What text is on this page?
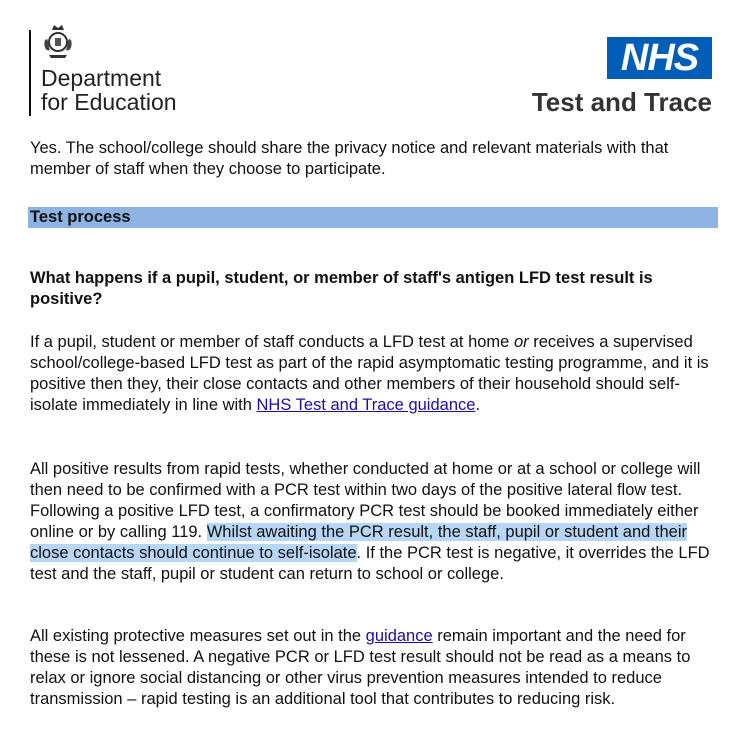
Department
for Education
NHS
Test and Trace

Yes. The school/college should share the privacy notice and relevant materials with that member of staff when they choose to participate.

Test process

What happens if a pupil, student, or member of staff's antigen LFD test result is positive?

If a pupil, student or member of staff conducts a LFD test at home or receives a supervised school/college-based LFD test as part of the rapid asymptomatic testing programme, and it is positive then they, their close contacts and other members of their household should self-isolate immediately in line with NHS Test and Trace guidance.

All positive results from rapid tests, whether conducted at home or at a school or college will then need to be confirmed with a PCR test within two days of the positive lateral flow test. Following a positive LFD test, a confirmatory PCR test should be booked immediately either online or by calling 119. Whilst awaiting the PCR result, the staff, pupil or student and their close contacts should continue to self-isolate. If the PCR test is negative, it overrides the LFD test and the staff, pupil or student can return to school or college.

All existing protective measures set out in the guidance remain important and the need for these is not lessened. A negative PCR or LFD test result should not be read as a means to relax or ignore social distancing or other virus prevention measures intended to reduce transmission – rapid testing is an additional tool that contributes to reducing risk.
